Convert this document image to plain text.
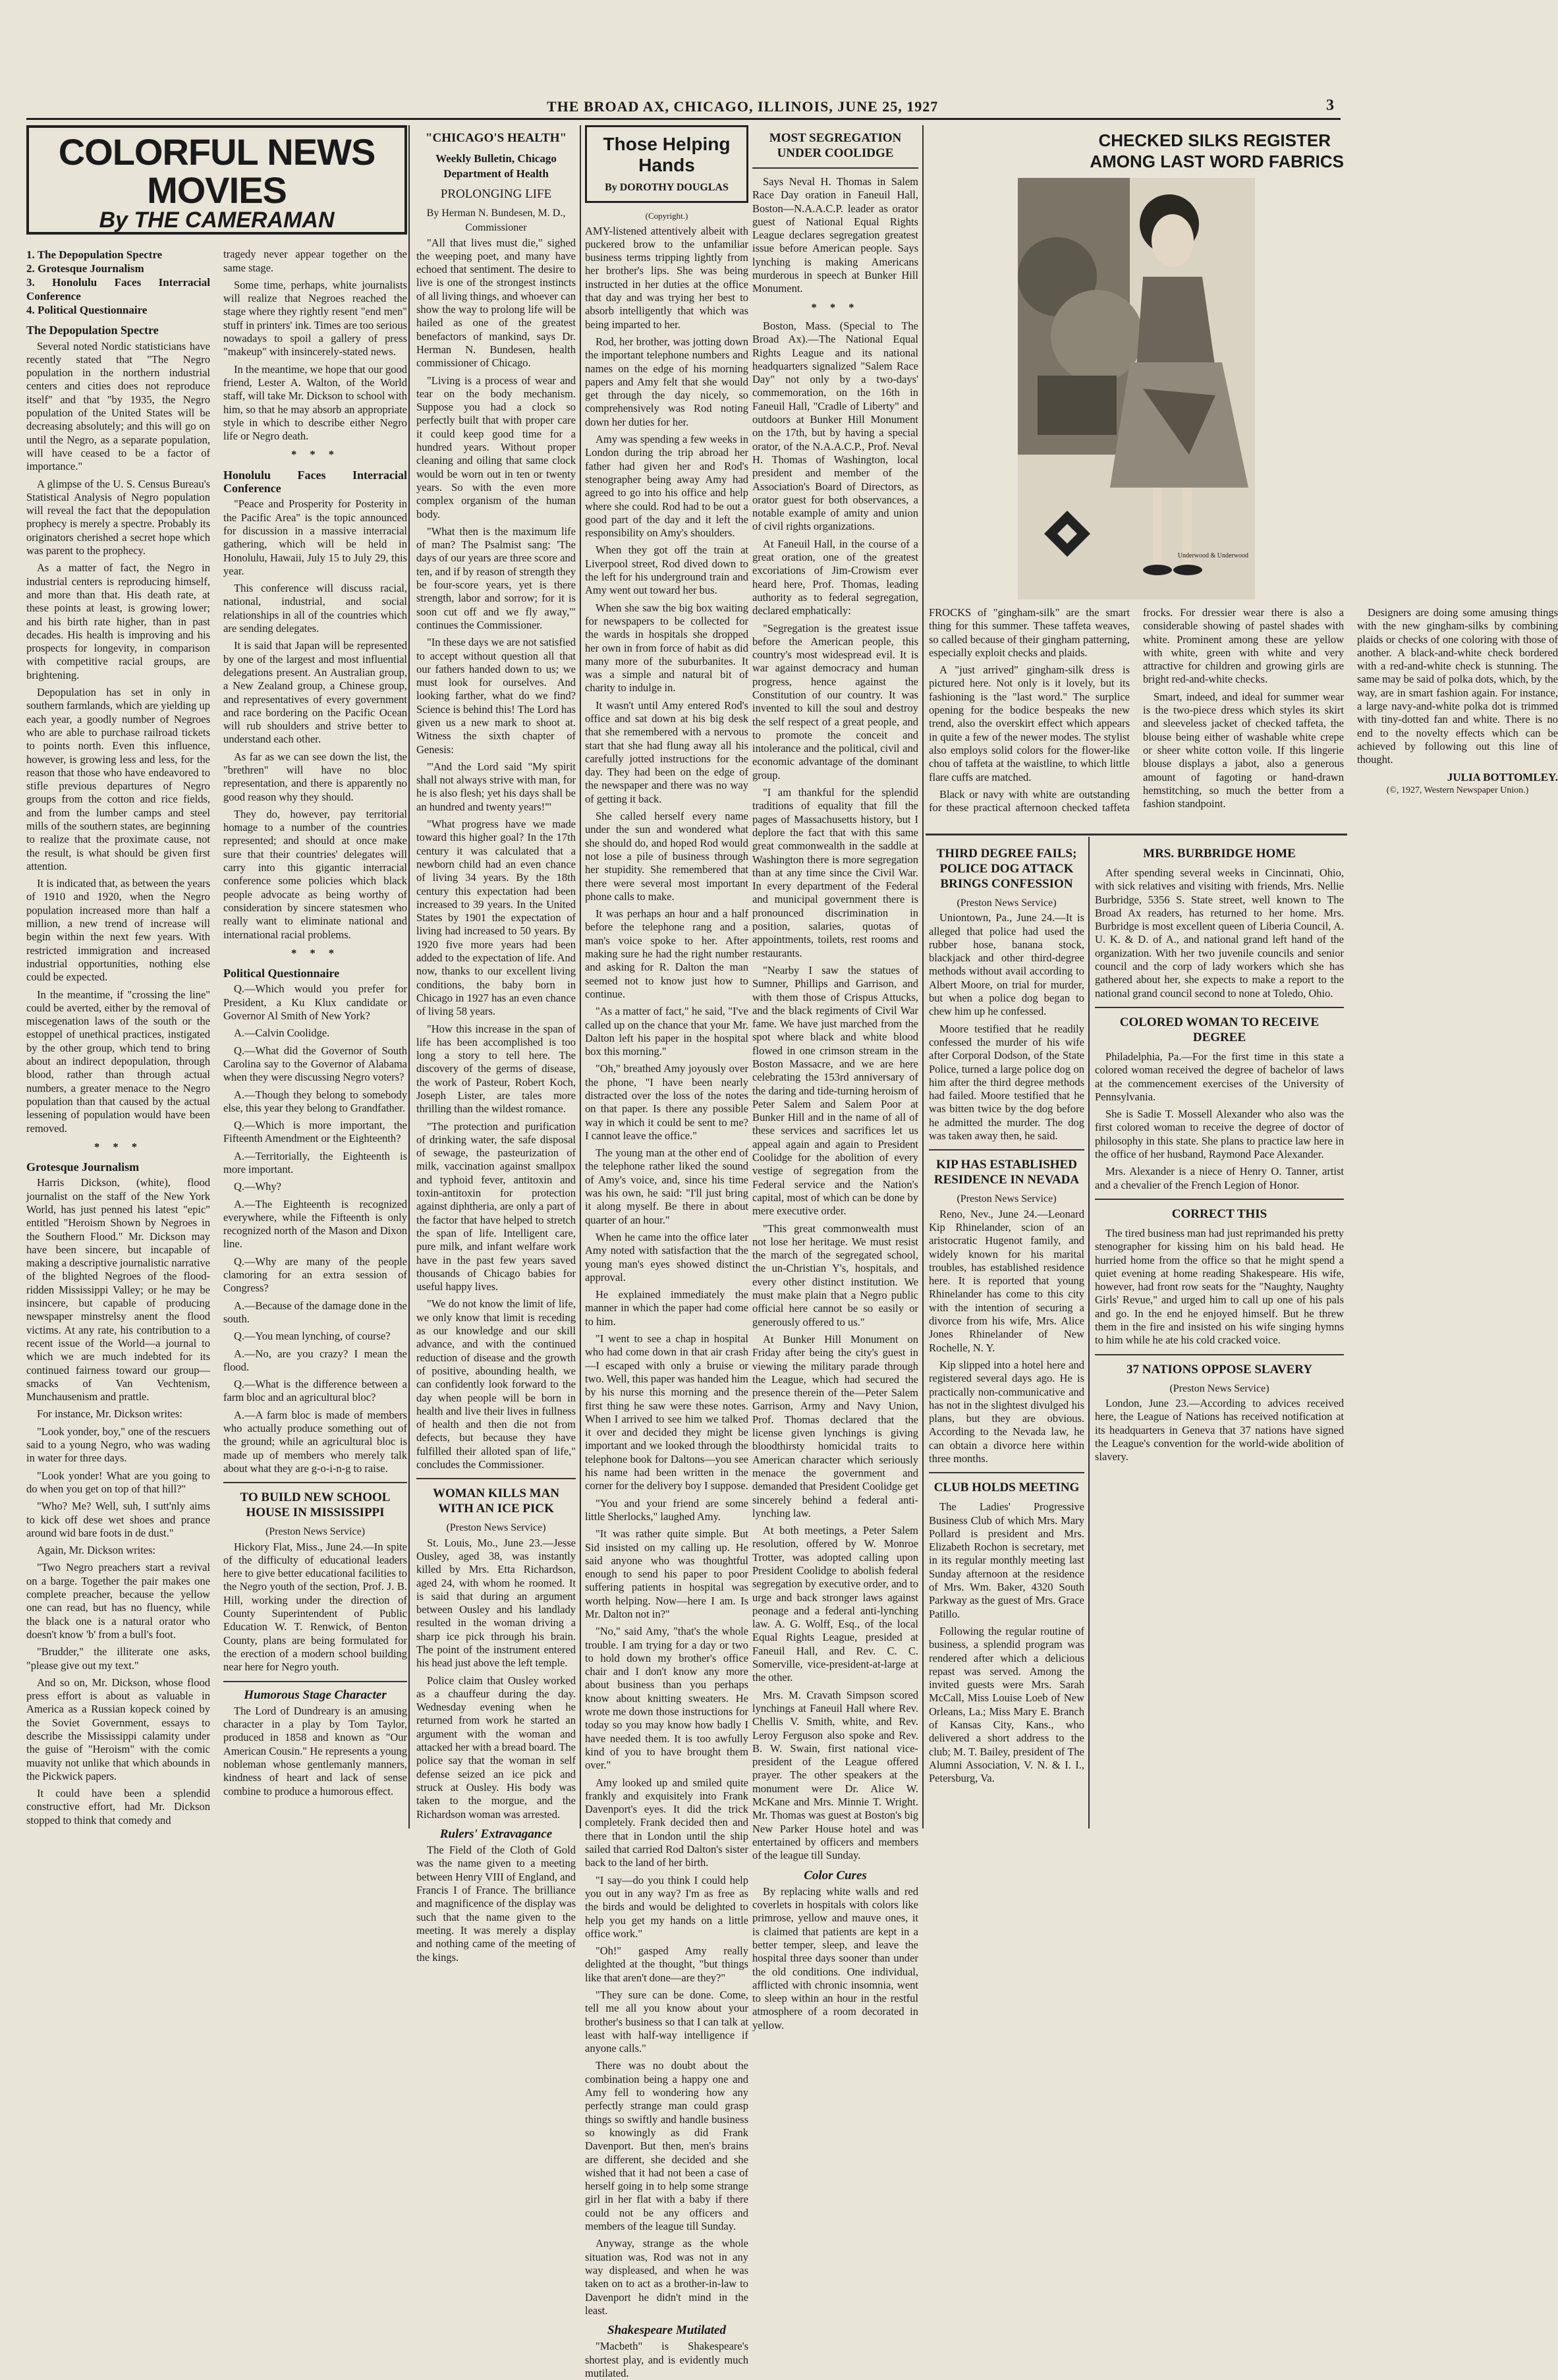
THE BROAD AX, CHICAGO, ILLINOIS, JUNE 25, 1927	3
COLORFUL NEWS MOVIES
By THE CAMERAMAN
1. The Depopulation Spectre
2. Grotesque Journalism
3. Honolulu Faces Interracial Conference
4. Political Questionnaire
The Depopulation Spectre

Several noted Nordic statisticians have recently stated that "The Negro population in the northern industrial centers and cities does not reproduce itself" and that "by 1935, the Negro population of the United States will be decreasing absolutely; and this will go on until the Negro, as a separate population, will have ceased to be a factor of importance."

A glimpse of the U. S. Census Bureau's Statistical Analysis of Negro population will reveal the fact that the depopulation prophecy is merely a spectre. Probably its originators cherished a secret hope which was parent to the prophecy.

As a matter of fact, the Negro in industrial centers is reproducing himself, and more than that. His death rate, at these points at least, is growing lower; and his birth rate higher, than in past decades. His health is improving and his prospects for longevity, in comparison with competitive racial groups, are brightening.

Depopulation has set in only in southern farmlands, which are yielding up each year, a goodly number of Negroes who are able to purchase railroad tickets to points north. Even this influence, however, is growing less and less, for the reason that those who have endeavored to stifle previous departures of Negro groups from the cotton and rice fields, and from the lumber camps and steel mills of the southern states, are beginning to realize that the proximate cause, not the result, is what should be given first attention.

It is indicated that, as between the years of 1910 and 1920, when the Negro population increased more than half a million, a new trend of increase will begin within the next few years. With restricted immigration and increased industrial opportunities, nothing else could be expected.

In the meantime, if "crossing the line" could be averted, either by the removal of miscegenation laws of the south or the estoppel of unethical practices, instigated by the other group, which tend to bring about an indirect depopulation, through blood, rather than through actual numbers, a greater menace to the Negro population than that caused by the actual lessening of population would have been removed.

* * *
Grotesque Journalism

Harris Dickson, (white), flood journalist on the staff of the New York World, has just penned his latest "epic" entitled "Heroism Shown by Negroes in the Southern Flood." Mr. Dickson may have been sincere, but incapable of making a descriptive journalistic narrative of the blighted Negroes of the flood-ridden Mississippi Valley; or he may be insincere, but capable of producing newspaper minstrelsy anent the flood victims. At any rate, his contribution to a recent issue of the World—a journal to which we are much indebted for its continued fairness toward our group—smacks of Van Vechtenism, Munchausenism and prattle.

For instance, Mr. Dickson writes:

"Look yonder, boy," one of the rescuers said to a young Negro, who was wading in water for three days.

"Look yonder! What are you going to do when you get on top of that hill?"

"Who? Me? Well, suh, I sutt'nly aims to kick off dese wet shoes and prance around wid bare foots in de dust."

Again, Mr. Dickson writes:

"Two Negro preachers start a revival on a barge. Together the pair makes one complete preacher, because the yellow one can read, but has no fluency, while the black one is a natural orator who doesn't know 'b' from a bull's foot.

"Brudder," the illiterate one asks, "please give out my text."

And so on, Mr. Dickson, whose flood press effort is about as valuable in America as a Russian kopeck coined by the Soviet Government, essays to describe the Mississippi calamity under the guise of "Heroism" with the comic muavity not unlike that which abounds in the Pickwick papers.

It could have been a splendid constructive effort, had Mr. Dickson stopped to think that comedy and

tragedy never appear together on the same stage.

Some time, perhaps, white journalists will realize that Negroes reached the stage where they rightly resent "end men" stuff in printers' ink. Times are too serious nowadays to spoil a gallery of press "makeup" with insincerely-stated news.

In the meantime, we hope that our good friend, Lester A. Walton, of the World staff, will take Mr. Dickson to school with him, so that he may absorb an appropriate style in which to describe either Negro life or Negro death.

* * *
Honolulu Faces Interracial Conference

"Peace and Prosperity for Posterity in the Pacific Area" is the topic announced for discussion in a massive interracial gathering, which will be held in Honolulu, Hawaii, July 15 to July 29, this year.

This conference will discuss racial, national, industrial, and social relationships in all of the countries which are sending delegates.

It is said that Japan will be represented by one of the largest and most influential delegations present. An Australian group, a New Zealand group, a Chinese group, and representatives of every government and race bordering on the Pacific Ocean will rub shoulders and strive better to understand each other.

As far as we can see down the list, the "brethren" will have no bloc representation, and there is apparently no good reason why they should.

They do, however, pay territorial homage to a number of the countries represented; and should at once make sure that their countries' delegates will carry into this gigantic interracial conference some policies which black people advocate as being worthy of consideration by sincere statesmen who really want to eliminate national and international racial problems.

* * *
Political Questionnaire

Q.—Which would you prefer for President, a Ku Klux candidate or Governor Al Smith of New York?

A.—Calvin Coolidge.

Q.—What did the Governor of South Carolina say to the Governor of Alabama when they were discussing Negro voters?

A.—Though they belong to somebody else, this year they belong to Grandfather.

Q.—Which is more important, the Fifteenth Amendment or the Eighteenth?

A.—Territorially, the Eighteenth is more important.

Q.—Why?

A.—The Eighteenth is recognized everywhere, while the Fifteenth is only recognized north of the Mason and Dixon line.

Q.—Why are many of the people clamoring for an extra session of Congress?

A.—Because of the damage done in the south.

Q.—You mean lynching, of course?

A.—No, are you crazy? I mean the flood.

Q.—What is the difference between a farm bloc and an agricultural bloc?

A.—A farm bloc is made of members who actually produce something out of the ground; while an agricultural bloc is made up of members who merely talk about what they are g-o-i-n-g to raise.

TO BUILD NEW SCHOOL HOUSE IN MISSISSIPPI
(Preston News Service)

Hickory Flat, Miss., June 24.—In spite of the difficulty of educational leaders here to give better educational facilities to the Negro youth of the section, Prof. J. B. Hill, working under the direction of County Superintendent of Public Education W. T. Renwick, of Benton County, plans are being formulated for the erection of a modern school building near here for Negro youth.

Humorous Stage Character

The Lord of Dundreary is an amusing character in a play by Tom Taylor, produced in 1858 and known as "Our American Cousin." He represents a young nobleman whose gentlemanly manners, kindness of heart and lack of sense combine to produce a humorous effect.

"CHICAGO'S HEALTH"
Weekly Bulletin, Chicago Department of Health
PROLONGING LIFE
By Herman N. Bundesen, M. D.,
Commissioner

"All that lives must die," sighed the weeping poet, and many have echoed that sentiment. The desire to live is one of the strongest instincts of all living things, and whoever can show the way to prolong life will be hailed as one of the greatest benefactors of mankind, says Dr. Herman N. Bundesen, health commissioner of Chicago.

"Living is a process of wear and tear on the body mechanism. Suppose you had a clock so perfectly built that with proper care it could keep good time for a hundred years. Without proper cleaning and oiling that same clock would be worn out in ten or twenty years. So with the even more complex organism of the human body.

"What then is the maximum life of man? The Psalmist sang: 'The days of our years are three score and ten, and if by reason of strength they be four-score years, yet is there strength, labor and sorrow; for it is soon cut off and we fly away,'" continues the Commissioner.

"In these days we are not satisfied to accept without question all that our fathers handed down to us; we must look for ourselves. And looking farther, what do we find? Science is behind this! The Lord has given us a new mark to shoot at. Witness the sixth chapter of Genesis:

"'And the Lord said "My spirit shall not always strive with man, for he is also flesh; yet his days shall be an hundred and twenty years!"'

"What progress have we made toward this higher goal? In the 17th century it was calculated that a newborn child had an even chance of living 34 years. By the 18th century this expectation had been increased to 39 years. In the United States by 1901 the expectation of living had increased to 50 years. By 1920 five more years had been added to the expectation of life. And now, thanks to our excellent living conditions, the baby born in Chicago in 1927 has an even chance of living 58 years.

"How this increase in the span of life has been accomplished is too long a story to tell here. The discovery of the germs of disease, the work of Pasteur, Robert Koch, Joseph Lister, are tales more thrilling than the wildest romance.

"The protection and purification of drinking water, the safe disposal of sewage, the pasteurization of milk, vaccination against smallpox and typhoid fever, antitoxin and toxin-antitoxin for protection against diphtheria, are only a part of the factor that have helped to stretch the span of life. Intelligent care, pure milk, and infant welfare work have in the past few years saved thousands of Chicago babies for useful happy lives.

"We do not know the limit of life, we only know that limit is receding as our knowledge and our skill advance, and with the continued reduction of disease and the growth of positive, abounding health, we can confidently look forward to the day when people will be born in health and live their lives in fullness of health and then die not from defects, but because they have fulfilled their alloted span of life," concludes the Commissioner.

WOMAN KILLS MAN WITH AN ICE PICK
(Preston News Service)

St. Louis, Mo., June 23.—Jesse Ousley, aged 38, was instantly killed by Mrs. Etta Richardson, aged 24, with whom he roomed. It is said that during an argument between Ousley and his landlady resulted in the woman driving a sharp ice pick through his brain. The point of the instrument entered his head just above the left temple.

Police claim that Ousley worked as a chauffeur during the day. Wednesday evening when he returned from work he started an argument with the woman and attacked her with a bread board. The police say that the woman in self defense seized an ice pick and struck at Ousley. His body was taken to the morgue, and the Richardson woman was arrested.

Rulers' Extravagance

The Field of the Cloth of Gold was the name given to a meeting between Henry VIII of England, and Francis I of France. The brilliance and magnificence of the display was such that the name given to the meeting. It was merely a display and nothing came of the meeting of the kings.

Those Helping Hands
By DOROTHY DOUGLAS
(Copyright.)

AMY-listened attentively albeit with puckered brow to the unfamiliar business terms tripping lightly from her brother's lips. She was being instructed in her duties at the office that day and was trying her best to absorb intelligently that which was being imparted to her.

Rod, her brother, was jotting down the important telephone numbers and names on the edge of his morning papers and Amy felt that she would get through the day nicely, so comprehensively was Rod noting down her duties for her.

Amy was spending a few weeks in London during the trip abroad her father had given her and Rod's stenographer being away Amy had agreed to go into his office and help where she could. Rod had to be out a good part of the day and it left the responsibility on Amy's shoulders.

When they got off the train at Liverpool street, Rod dived down to the left for his underground train and Amy went out toward her bus.

When she saw the big box waiting for newspapers to be collected for the wards in hospitals she dropped her own in from force of habit as did many more of the suburbanites. It was a simple and natural bit of charity to indulge in.

It wasn't until Amy entered Rod's office and sat down at his big desk that she remembered with a nervous start that she had flung away all his carefully jotted instructions for the day. They had been on the edge of the newspaper and there was no way of getting it back.

She called herself every name under the sun and wondered what she should do, and hoped Rod would not lose a pile of business through her stupidity. She remembered that there were several most important phone calls to make.

It was perhaps an hour and a half before the telephone rang and a man's voice spoke to her. After making sure he had the right number and asking for R. Dalton the man seemed not to know just how to continue.

"As a matter of fact," he said, "I've called up on the chance that your Mr. Dalton left his paper in the hospital box this morning."

"Oh," breathed Amy joyously over the phone, "I have been nearly distracted over the loss of the notes on that paper. Is there any possible way in which it could be sent to me? I cannot leave the office."

The young man at the other end of the telephone rather liked the sound of Amy's voice, and, since his time was his own, he said: "I'll just bring it along myself. Be there in about quarter of an hour."

When he came into the office later Amy noted with satisfaction that the young man's eyes showed distinct approval.

He explained immediately the manner in which the paper had come to him.

"I went to see a chap in hospital who had come down in that air crash—I escaped with only a bruise or two. Well, this paper was handed him by his nurse this morning and the first thing he saw were these notes. When I arrived to see him we talked it over and decided they might be important and we looked through the telephone book for Daltons—you see his name had been written in the corner for the delivery boy I suppose.

"You and your friend are some little Sherlocks," laughed Amy.

"It was rather quite simple. But Sid insisted on my calling up. He said anyone who was thoughtful enough to send his paper to poor suffering patients in hospital was worth helping. Now—here I am. Is Mr. Dalton not in?"

"No," said Amy, "that's the whole trouble. I am trying for a day or two to hold down my brother's office chair and I don't know any more about business than you perhaps know about knitting sweaters. He wrote me down those instructions for today so you may know how badly I have needed them. It is too awfully kind of you to have brought them over."

Amy looked up and smiled quite frankly and exquisitely into Frank Davenport's eyes. It did the trick completely. Frank decided then and there that in London until the ship sailed that carried Rod Dalton's sister back to the land of her birth.

"I say—do you think I could help you out in any way? I'm as free as the birds and would be delighted to help you get my hands on a little office work."

"Oh!" gasped Amy really delighted at the thought, "but things like that aren't done—are they?"

"They sure can be done. Come, tell me all you know about your brother's business so that I can talk at least with half-way intelligence if anyone calls."

There was no doubt about the combination being a happy one and Amy fell to wondering how any perfectly strange man could grasp things so swiftly and handle business so knowingly as did Frank Davenport. But then, men's brains are different, she decided and she wished that it had not been a case of herself going in to help some strange girl in her flat with a baby if there could not be any officers and members of the league till Sunday.

Anyway, strange as the whole situation was, Rod was not in any way displeased, and when he was taken on to act as a brother-in-law to Davenport he didn't mind in the least.

Shakespeare Mutilated

"Macbeth" is Shakespeare's shortest play, and is evidently much mutilated.

MOST SEGREGATION UNDER COOLIDGE

Says Neval H. Thomas in Salem Race Day oration in Faneuil Hall, Boston—N.A.A.C.P. leader as orator guest of National Equal Rights League declares segregation greatest issue before American people. Says lynching is making Americans murderous in speech at Bunker Hill Monument.

* * *

Boston, Mass. (Special to The Broad Ax).—The National Equal Rights League and its national headquarters signalized "Salem Race Day" not only by a two-days' commemoration, on the 16th in Faneuil Hall, "Cradle of Liberty" and outdoors at Bunker Hill Monument on the 17th, but by having a special orator, of the N.A.A.C.P., Prof. Neval H. Thomas of Washington, local president and member of the Association's Board of Directors, as orator guest for both observances, a notable example of amity and union of civil rights organizations.

At Faneuil Hall, in the course of a great oration, one of the greatest excoriations of Jim-Crowism ever heard here, Prof. Thomas, leading authority as to federal segregation, declared emphatically:

"Segregation is the greatest issue before the American people, this country's most widespread evil. It is war against democracy and human progress, hence against the Constitution of our country. It was invented to kill the soul and destroy the self respect of a great people, and to promote the conceit and intolerance and the political, civil and economic advantage of the dominant group.

"I am thankful for the splendid traditions of equality that fill the pages of Massachusetts history, but I deplore the fact that with this same great commonwealth in the saddle at Washington there is more segregation than at any time since the Civil War. In every department of the Federal and municipal government there is pronounced discrimination in position, salaries, quotas of appointments, toilets, rest rooms and restaurants.

"Nearby I saw the statues of Sumner, Phillips and Garrison, and with them those of Crispus Attucks, and the black regiments of Civil War fame. We have just marched from the spot where black and white blood flowed in one crimson stream in the Boston Massacre, and we are here celebrating the 153rd anniversary of the daring and tide-turning heroism of Peter Salem and Salem Poor at Bunker Hill and in the name of all of these services and sacrifices let us appeal again and again to President Coolidge for the abolition of every vestige of segregation from the Federal service and the Nation's capital, most of which can be done by mere executive order.

"This great commonwealth must not lose her heritage. We must resist the march of the segregated school, the un-Christian Y's, hospitals, and every other distinct institution. We must make plain that a Negro public official here cannot be so easily or generously offered to us."

At Bunker Hill Monument on Friday after being the city's guest in viewing the military parade through the League, which had secured the presence therein of the—Peter Salem Garrison, Army and Navy Union, Prof. Thomas declared that the license given lynchings is giving bloodthirsty homicidal traits to American character which seriously menace the government and demanded that President Coolidge get sincerely behind a federal anti-lynching law.

At both meetings, a Peter Salem resolution, offered by W. Monroe Trotter, was adopted calling upon President Coolidge to abolish federal segregation by executive order, and to urge and back stronger laws against peonage and a federal anti-lynching law. A. G. Wolff, Esq., of the local Equal Rights League, presided at Faneuil Hall, and Rev. C. C. Somerville, vice-president-at-large at the other.

Mrs. M. Cravath Simpson scored lynchings at Faneuil Hall where Rev. Chellis V. Smith, white, and Rev. Leroy Ferguson also spoke and Rev. B. W. Swain, first national vice-president of the League offered prayer. The other speakers at the monument were Dr. Alice W. McKane and Mrs. Minnie T. Wright. Mr. Thomas was guest at Boston's big New Parker House hotel and was entertained by officers and members of the league till Sunday.

Color Cures

By replacing white walls and red coverlets in hospitals with colors like primrose, yellow and mauve ones, it is claimed that patients are kept in a better temper, sleep, and leave the hospital three days sooner than under the old conditions. One individual, afflicted with chronic insomnia, went to sleep within an hour in the restful atmosphere of a room decorated in yellow.

CHECKED SILKS REGISTER
AMONG LAST WORD FABRICS
Underwood & Underwood

FROCKS of "gingham-silk" are the smart thing for this summer. These taffeta weaves, so called because of their gingham patterning, especially exploit checks and plaids.

A "just arrived" gingham-silk dress is pictured here. Not only is it lovely, but its fashioning is the "last word." The surplice opening for the bodice bespeaks the new trend, also the overskirt effect which appears in quite a few of the newer modes. The stylist also employs solid colors for the flower-like chou of taffeta at the waistline, to which little flare cuffs are matched.

Black or navy with white are outstanding for these practical afternoon checked taffeta frocks. For dressier wear there is also a considerable showing of pastel shades with white. Prominent among these are yellow with white, green with white and very attractive for children and growing girls are bright red-and-white checks.

Smart, indeed, and ideal for summer wear is the two-piece dress which styles its skirt and sleeveless jacket of checked taffeta, the blouse being either of washable white crepe or sheer white cotton voile. If this lingerie blouse displays a jabot, also a generous amount of fagoting or hand-drawn hemstitching, so much the better from a fashion standpoint.

Designers are doing some amusing things with the new gingham-silks by combining plaids or checks of one coloring with those of another. A black-and-white check bordered with a red-and-white check is stunning. The same may be said of polka dots, which, by the way, are in smart fashion again. For instance, a large navy-and-white polka dot is trimmed with tiny-dotted fan and white. There is no end to the novelty effects which can be achieved by following out this line of thought.

JULIA BOTTOMLEY.
(©, 1927, Western Newspaper Union.)
THIRD DEGREE FAILS; POLICE DOG ATTACK BRINGS CONFESSION
(Preston News Service)

Uniontown, Pa., June 24.—It is alleged that police had used the rubber hose, banana stock, blackjack and other third-degree methods without avail according to Albert Moore, on trial for murder, but when a police dog began to chew him up he confessed.

Moore testified that he readily confessed the murder of his wife after Corporal Dodson, of the State Police, turned a large police dog on him after the third degree methods had failed. Moore testified that he was bitten twice by the dog before he admitted the murder. The dog was taken away then, he said.

KIP HAS ESTABLISHED RESIDENCE IN NEVADA
(Preston News Service)

Reno, Nev., June 24.—Leonard Kip Rhinelander, scion of an aristocratic Hugenot family, and widely known for his marital troubles, has established residence here. It is reported that young Rhinelander has come to this city with the intention of securing a divorce from his wife, Mrs. Alice Jones Rhinelander of New Rochelle, N. Y.

Kip slipped into a hotel here and registered several days ago. He is practically non-communicative and has not in the slightest divulged his plans, but they are obvious. According to the Nevada law, he can obtain a divorce here within three months.

CLUB HOLDS MEETING

The Ladies' Progressive Business Club of which Mrs. Mary Pollard is president and Mrs. Elizabeth Rochon is secretary, met in its regular monthly meeting last Sunday afternoon at the residence of Mrs. Wm. Baker, 4320 South Parkway as the guest of Mrs. Grace Patillo.

Following the regular routine of business, a splendid program was rendered after which a delicious repast was served. Among the invited guests were Mrs. Sarah McCall, Miss Louise Loeb of New Orleans, La.; Miss Mary E. Branch of Kansas City, Kans., who delivered a short address to the club; M. T. Bailey, president of The Alumni Association, V. N. & I. I., Petersburg, Va.

MRS. BURBRIDGE HOME

After spending several weeks in Cincinnati, Ohio, with sick relatives and visiting with friends, Mrs. Nellie Burbridge, 5356 S. State street, well known to The Broad Ax readers, has returned to her home. Mrs. Burbridge is most excellent queen of Liberia Council, A. U. K. & D. of A., and national grand left hand of the organization. With her two juvenile councils and senior council and the corp of lady workers which she has gathered about her, she expects to make a report to the national grand council second to none at Toledo, Ohio.

COLORED WOMAN TO RECEIVE DEGREE

Philadelphia, Pa.—For the first time in this state a colored woman received the degree of bachelor of laws at the commencement exercises of the University of Pennsylvania.

She is Sadie T. Mossell Alexander who also was the first colored woman to receive the degree of doctor of philosophy in this state. She plans to practice law here in the office of her husband, Raymond Pace Alexander.

Mrs. Alexander is a niece of Henry O. Tanner, artist and a chevalier of the French Legion of Honor.

CORRECT THIS

The tired business man had just reprimanded his pretty stenographer for kissing him on his bald head. He hurried home from the office so that he might spend a quiet evening at home reading Shakespeare. His wife, however, had front row seats for the "Naughty, Naughty Girls' Revue," and urged him to call up one of his pals and go. In the end he enjoyed himself. But he threw them in the fire and insisted on his wife singing hymns to him while he ate his cold cracked voice.

37 NATIONS OPPOSE SLAVERY
(Preston News Service)

London, June 23.—According to advices received here, the League of Nations has received notification at its headquarters in Geneva that 37 nations have signed the League's convention for the world-wide abolition of slavery.
